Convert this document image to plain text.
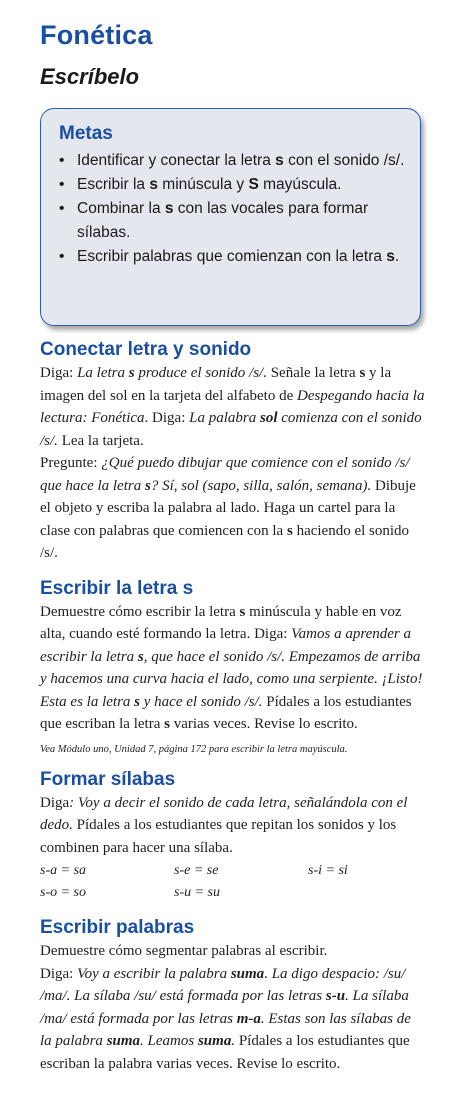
Fonética
Escríbelo
Metas
• Identificar y conectar la letra s con el sonido /s/.
• Escribir la s minúscula y S mayúscula.
• Combinar la s con las vocales para formar sílabas.
• Escribir palabras que comienzan con la letra s.
Conectar letra y sonido

Diga: La letra s produce el sonido /s/. Señale la letra s y la imagen del sol en la tarjeta del alfabeto de Despegando hacia la lectura: Fonética. Diga: La palabra sol comienza con el sonido /s/. Lea la tarjeta.

Pregunte: ¿Qué puedo dibujar que comience con el sonido /s/ que hace la letra s? Sí, sol (sapo, silla, salón, semana). Dibuje el objeto y escriba la palabra al lado. Haga un cartel para la clase con palabras que comiencen con la s haciendo el sonido /s/.

Escribir la letra s

Demuestre cómo escribir la letra s minúscula y hable en voz alta, cuando esté formando la letra. Diga: Vamos a aprender a escribir la letra s, que hace el sonido /s/. Empezamos de arriba y hacemos una curva hacia el lado, como una serpiente. ¡Listo! Esta es la letra s y hace el sonido /s/. Pídales a los estudiantes que escriban la letra s varias veces. Revise lo escrito.

Vea Módulo uno, Unidad 7, página 172 para escribir la letra mayúscula.

Formar sílabas

Diga: Voy a decir el sonido de cada letra, señalándola con el dedo. Pídales a los estudiantes que repitan los sonidos y los combinen para hacer una sílaba.

s-a = sa	s-e = se	s-i = si
s-o = so	s-u = su
Escribir palabras

Demuestre cómo segmentar palabras al escribir.

Diga: Voy a escribir la palabra suma. La digo despacio: /su/ /ma/. La sílaba /su/ está formada por las letras s-u. La sílaba /ma/ está formada por las letras m-a. Estas son las sílabas de la palabra suma. Leamos suma. Pídales a los estudiantes que escriban la palabra varias veces. Revise lo escrito.
